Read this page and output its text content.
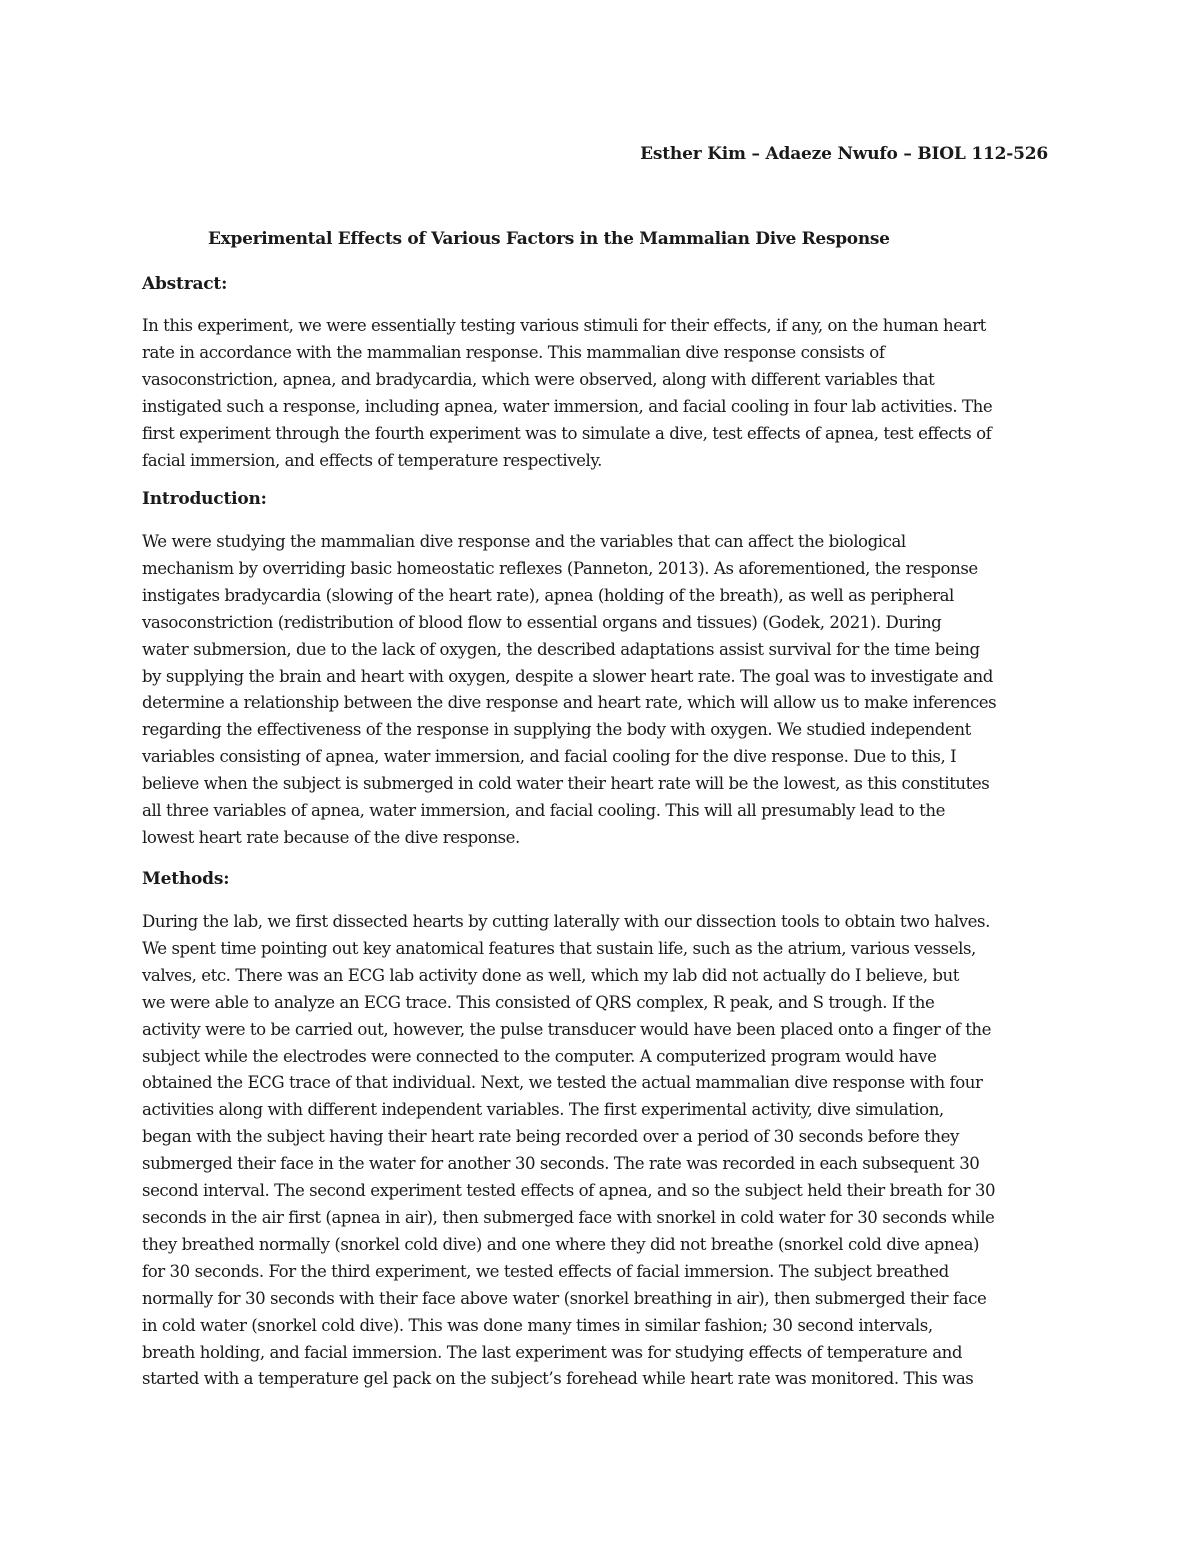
Esther Kim – Adaeze Nwufo – BIOL 112-526
Experimental Effects of Various Factors in the Mammalian Dive Response
Abstract:
In this experiment, we were essentially testing various stimuli for their effects, if any, on the human heart
rate in accordance with the mammalian response. This mammalian dive response consists of
vasoconstriction, apnea, and bradycardia, which were observed, along with different variables that
instigated such a response, including apnea, water immersion, and facial cooling in four lab activities. The
first experiment through the fourth experiment was to simulate a dive, test effects of apnea, test effects of
facial immersion, and effects of temperature respectively.
Introduction:
We were studying the mammalian dive response and the variables that can affect the biological
mechanism by overriding basic homeostatic reflexes (Panneton, 2013). As aforementioned, the response
instigates bradycardia (slowing of the heart rate), apnea (holding of the breath), as well as peripheral
vasoconstriction (redistribution of blood flow to essential organs and tissues) (Godek, 2021). During
water submersion, due to the lack of oxygen, the described adaptations assist survival for the time being
by supplying the brain and heart with oxygen, despite a slower heart rate. The goal was to investigate and
determine a relationship between the dive response and heart rate, which will allow us to make inferences
regarding the effectiveness of the response in supplying the body with oxygen. We studied independent
variables consisting of apnea, water immersion, and facial cooling for the dive response. Due to this, I
believe when the subject is submerged in cold water their heart rate will be the lowest, as this constitutes
all three variables of apnea, water immersion, and facial cooling. This will all presumably lead to the
lowest heart rate because of the dive response.
Methods:
During the lab, we first dissected hearts by cutting laterally with our dissection tools to obtain two halves.
We spent time pointing out key anatomical features that sustain life, such as the atrium, various vessels,
valves, etc. There was an ECG lab activity done as well, which my lab did not actually do I believe, but
we were able to analyze an ECG trace. This consisted of QRS complex, R peak, and S trough. If the
activity were to be carried out, however, the pulse transducer would have been placed onto a finger of the
subject while the electrodes were connected to the computer. A computerized program would have
obtained the ECG trace of that individual. Next, we tested the actual mammalian dive response with four
activities along with different independent variables. The first experimental activity, dive simulation,
began with the subject having their heart rate being recorded over a period of 30 seconds before they
submerged their face in the water for another 30 seconds. The rate was recorded in each subsequent 30
second interval. The second experiment tested effects of apnea, and so the subject held their breath for 30
seconds in the air first (apnea in air), then submerged face with snorkel in cold water for 30 seconds while
they breathed normally (snorkel cold dive) and one where they did not breathe (snorkel cold dive apnea)
for 30 seconds. For the third experiment, we tested effects of facial immersion. The subject breathed
normally for 30 seconds with their face above water (snorkel breathing in air), then submerged their face
in cold water (snorkel cold dive). This was done many times in similar fashion; 30 second intervals,
breath holding, and facial immersion. The last experiment was for studying effects of temperature and
started with a temperature gel pack on the subject’s forehead while heart rate was monitored. This was
